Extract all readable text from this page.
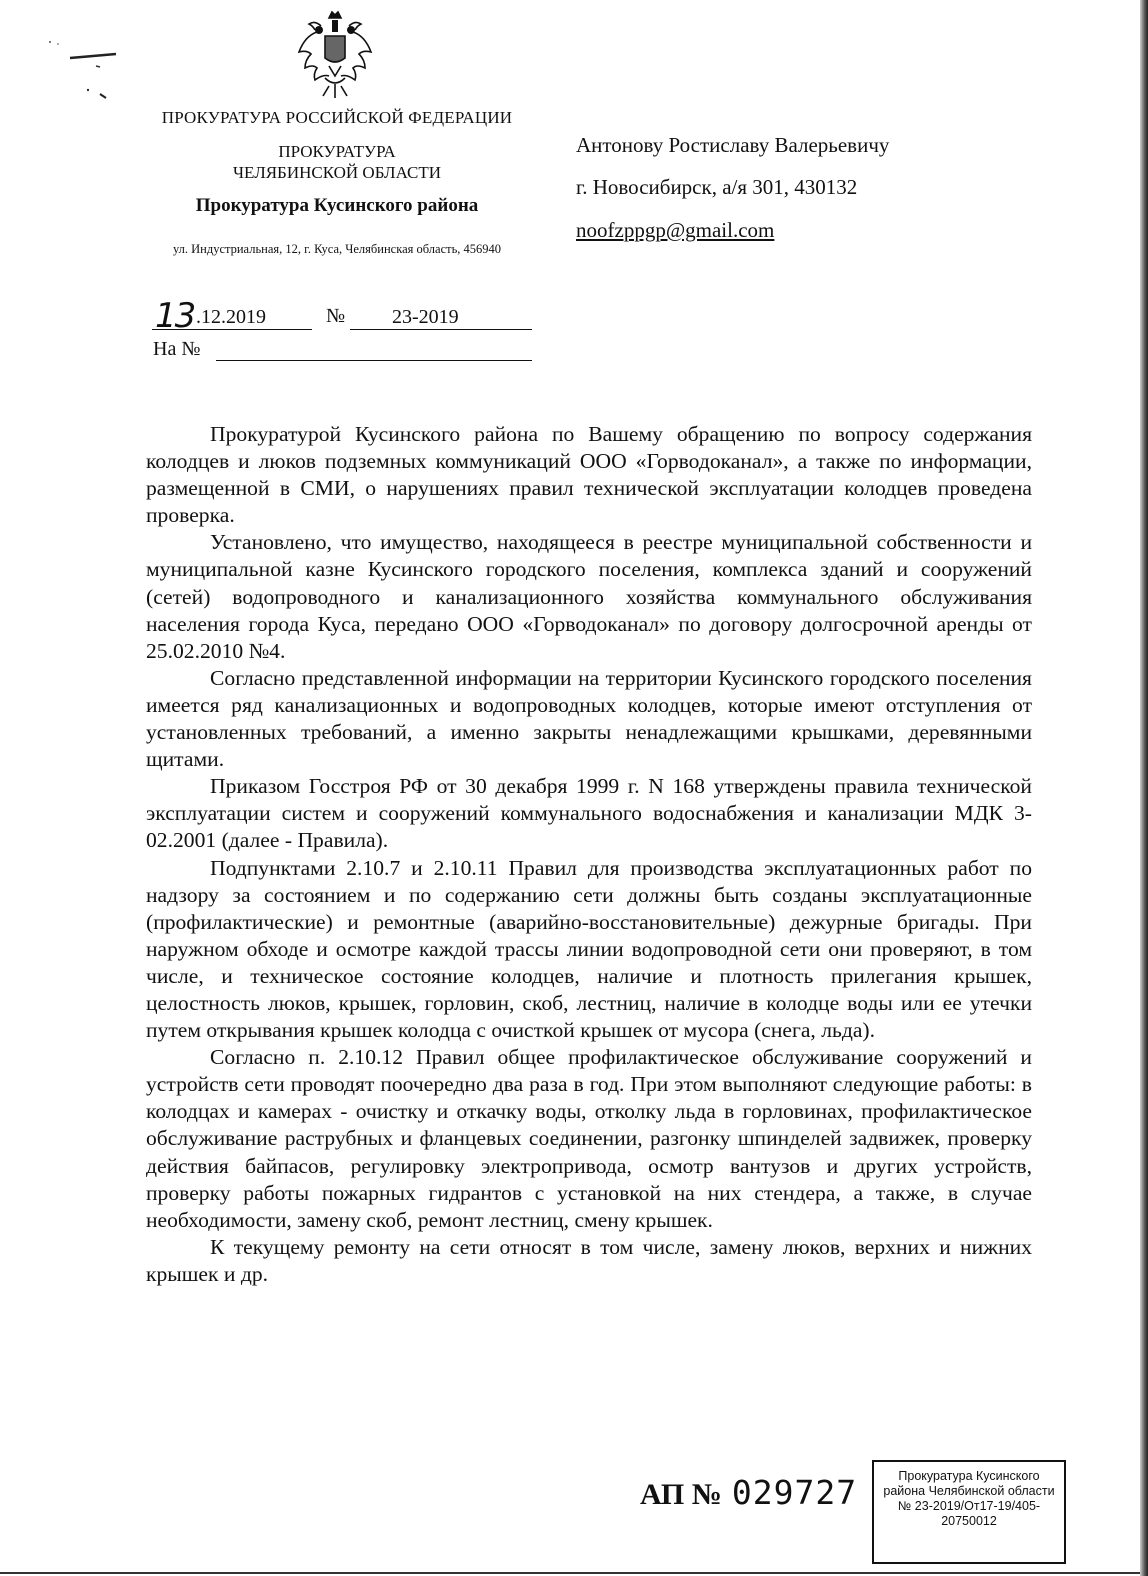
ПРОКУРАТУРА РОССИЙСКОЙ ФЕДЕРАЦИИ
ПРОКУРАТУРА
ЧЕЛЯБИНСКОЙ ОБЛАСТИ
Прокуратура Кусинского района
ул. Индустриальная, 12, г. Куса, Челябинская область, 456940
Антонову Ростиславу Валерьевичу
г. Новосибирск, а/я 301, 430132
noofzppgp@gmail.com
13 .12.2019	№ 23-2019
На №

Прокуратурой Кусинского района по Вашему обращению по вопросу содержания колодцев и люков подземных коммуникаций ООО «Горводоканал», а также по информации, размещенной в СМИ, о нарушениях правил технической эксплуатации колодцев проведена проверка.

Установлено, что имущество, находящееся в реестре муниципальной собственности и муниципальной казне Кусинского городского поселения, комплекса зданий и сооружений (сетей) водопроводного и канализационного хозяйства коммунального обслуживания населения города Куса, передано ООО «Горводоканал» по договору долгосрочной аренды от 25.02.2010 №4.

Согласно представленной информации на территории Кусинского городского поселения имеется ряд канализационных и водопроводных колодцев, которые имеют отступления от установленных требований, а именно закрыты ненадлежащими крышками, деревянными щитами.

Приказом Госстроя РФ от 30 декабря 1999 г. N 168 утверждены правила технической эксплуатации систем и сооружений коммунального водоснабжения и канализации МДК 3-02.2001 (далее - Правила).

Подпунктами 2.10.7 и 2.10.11 Правил для производства эксплуатационных работ по надзору за состоянием и по содержанию сети должны быть созданы эксплуатационные (профилактические) и ремонтные (аварийно-восстановительные) дежурные бригады. При наружном обходе и осмотре каждой трассы линии водопроводной сети они проверяют, в том числе, и техническое состояние колодцев, наличие и плотность прилегания крышек, целостность люков, крышек, горловин, скоб, лестниц, наличие в колодце воды или ее утечки путем открывания крышек колодца с очисткой крышек от мусора (снега, льда).

Согласно п. 2.10.12 Правил общее профилактическое обслуживание сооружений и устройств сети проводят поочередно два раза в год. При этом выполняют следующие работы: в колодцах и камерах - очистку и откачку воды, отколку льда в горловинах, профилактическое обслуживание раструбных и фланцевых соединении, разгонку шпинделей задвижек, проверку действия байпасов, регулировку электропривода, осмотр вантузов и других устройств, проверку работы пожарных гидрантов с установкой на них стендера, а также, в случае необходимости, замену скоб, ремонт лестниц, смену крышек.

К текущему ремонту на сети относят в том числе, замену люков, верхних и нижних крышек и др.

АП № 029727	Прокуратура Кусинского
района Челябинской области
№ 23-2019/От17-19/405-
20750012
